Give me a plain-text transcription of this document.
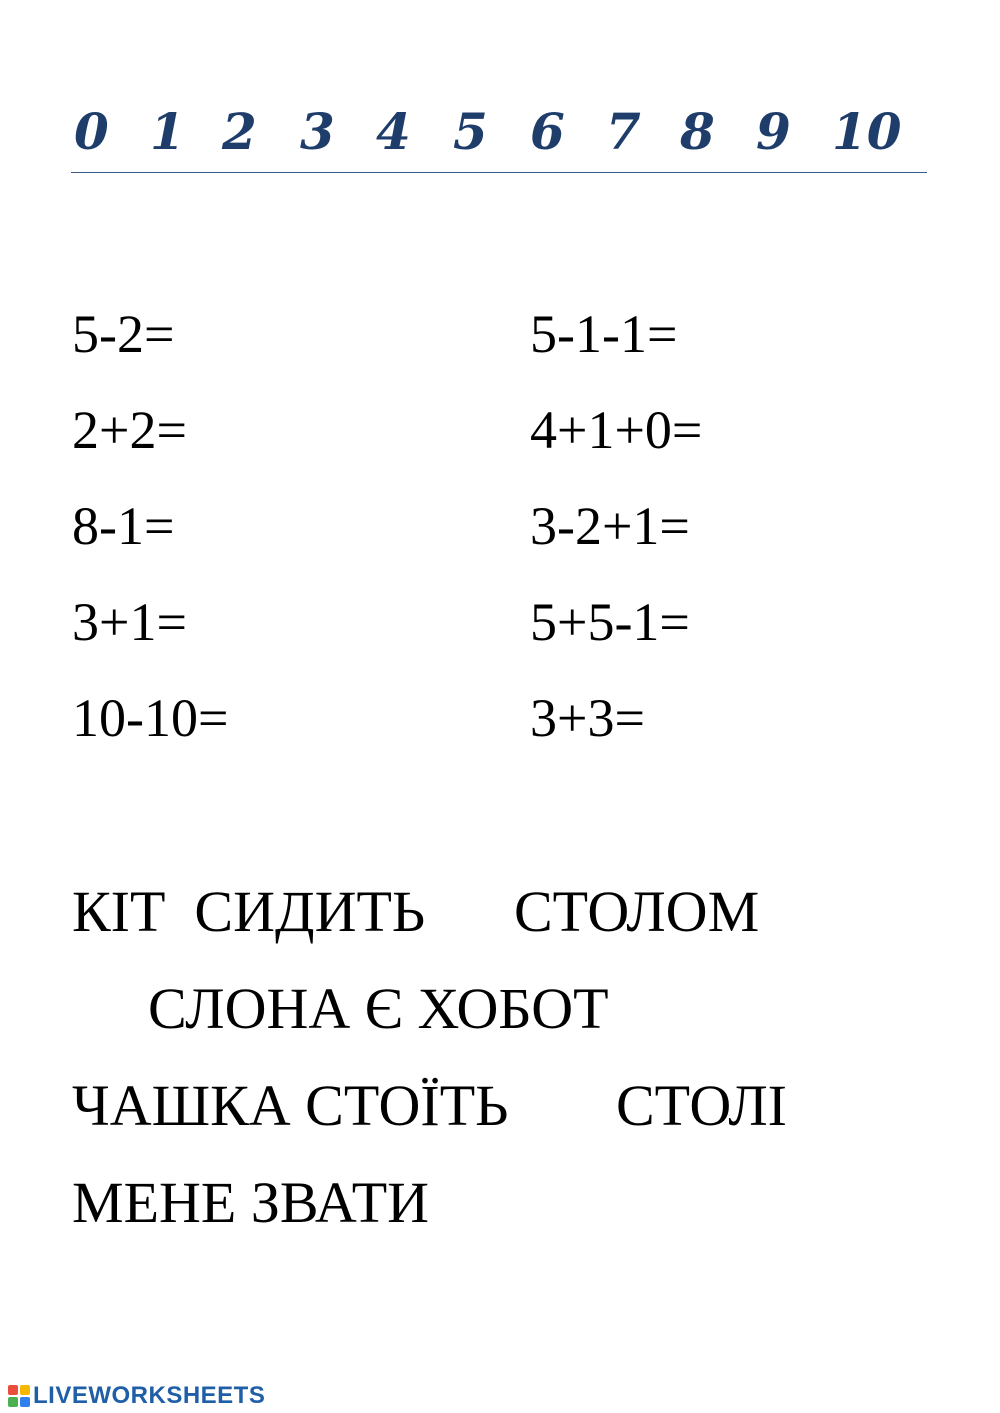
0 1 2 3 4 5 6 7 8 9 10
5-2=
2+2=
8-1=
3+1=
10-10=
5-1-1=
4+1+0=
3-2+1=
5+5-1=
3+3=
КІТ  СИДИТЬ СТОЛОМ
СЛОНА Є ХОБОТ
ЧАШКА СТОЇТЬ СТОЛІ
МЕНЕ ЗВАТИ
LIVEWORKSHEETS
